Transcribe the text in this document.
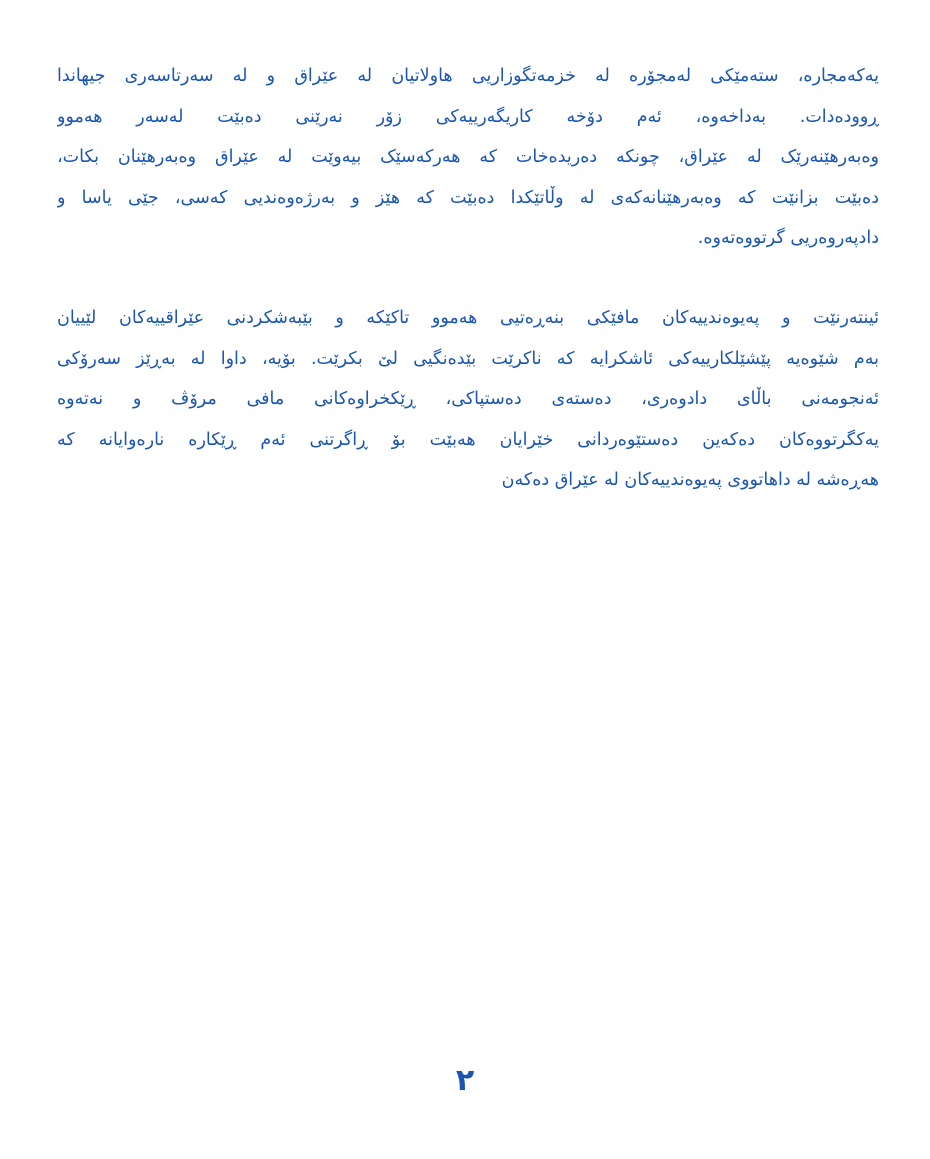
یەکەمجارە، ستەمێکی لەمجۆرە لە خزمەتگوزاریی هاولاتیان لە عێراق و لە سەرتاسەری جیهاندا
ڕوودەدات. بەداخەوە، ئەم دۆخە کاریگەرییەکی زۆر نەرێنی دەبێت لەسەر هەموو
وەبەرهێنەرێک لە عێراق، چونکە دەریدەخات کە هەرکەسێک بیەوێت لە عێراق وەبەرهێنان بکات،
دەبێت بزانێت کە وەبەرهێنانەکەی لە وڵاتێکدا دەبێت کە هێز و بەرژەوەندیی کەسی، جێی یاسا و
دادپەروەریی گرتووەتەوە.

ئینتەرنێت و پەیوەندییەکان مافێکی بنەڕەتیی هەموو تاکێکە و بێبەشکردنی عێراقییەکان لێییان
بەم شێوەیە پێشێلکارییەکی ئاشکرایە کە ناکرێت بێدەنگیی لێ بکرێت. بۆیە، داوا لە بەڕێز سەرۆکی
ئەنجومەنی باڵای دادوەری، دەستەی دەستپاکی، ڕێکخراوەکانی مافی مرۆڤ و نەتەوە
یەکگرتووەکان دەکەین دەستێوەردانی خێرایان هەبێت بۆ ڕاگرتنی ئەم ڕێکارە نارەوایانە کە
هەڕەشە لە داهاتووی پەیوەندییەکان لە عێراق دەکەن

٢
